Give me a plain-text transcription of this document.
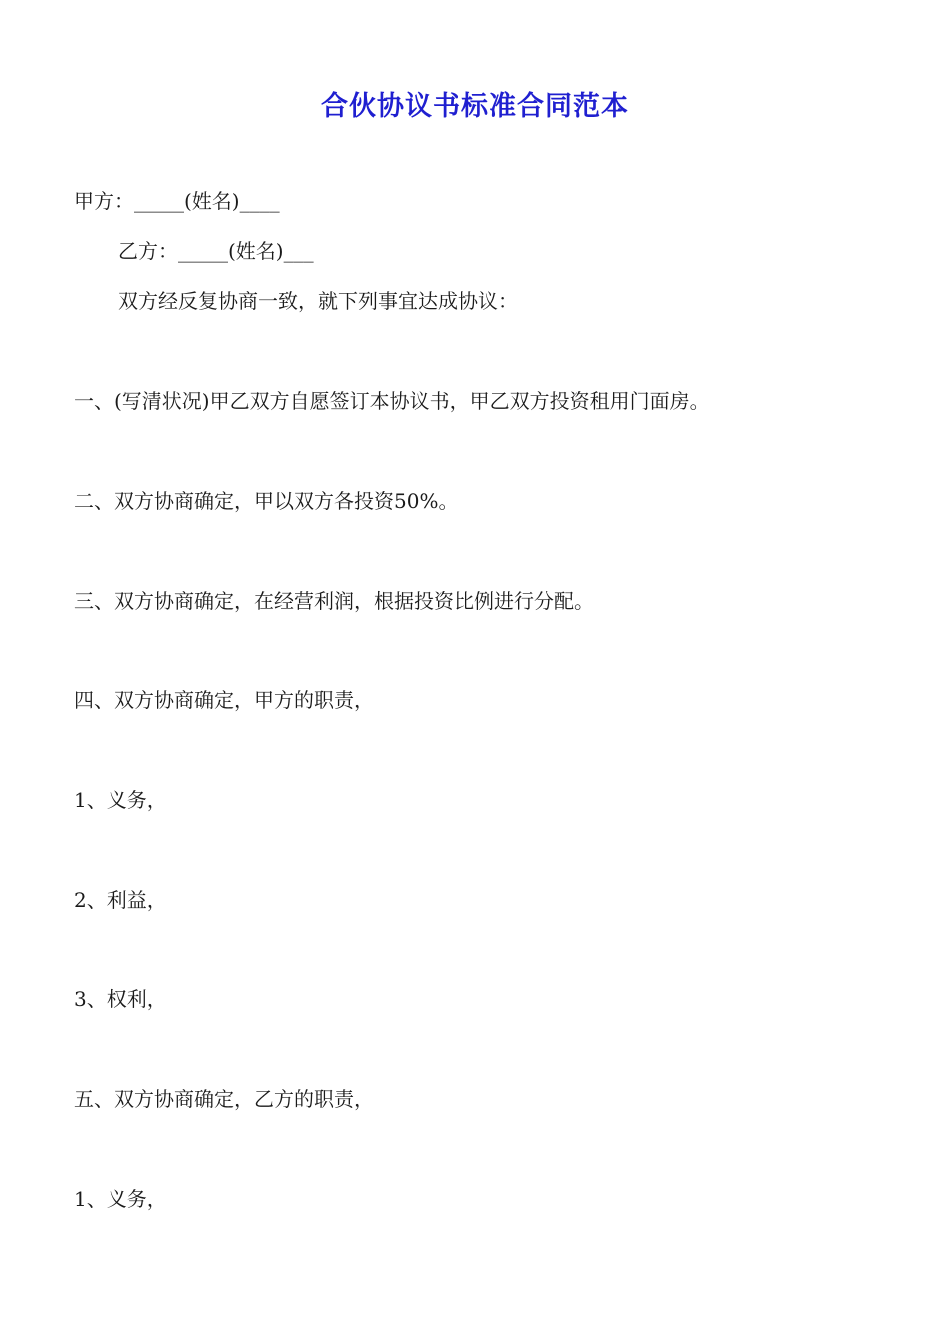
合伙协议书标准合同范本

甲方：_____(姓名)____

乙方：_____(姓名)___

双方经反复协商一致，就下列事宜达成协议：

一、(写清状况)甲乙双方自愿签订本协议书，甲乙双方投资租用门面房。

二、双方协商确定，甲以双方各投资50%。

三、双方协商确定，在经营利润，根据投资比例进行分配。

四、双方协商确定，甲方的职责，

1、义务，

2、利益，

3、权利，

五、双方协商确定，乙方的职责，

1、义务，
